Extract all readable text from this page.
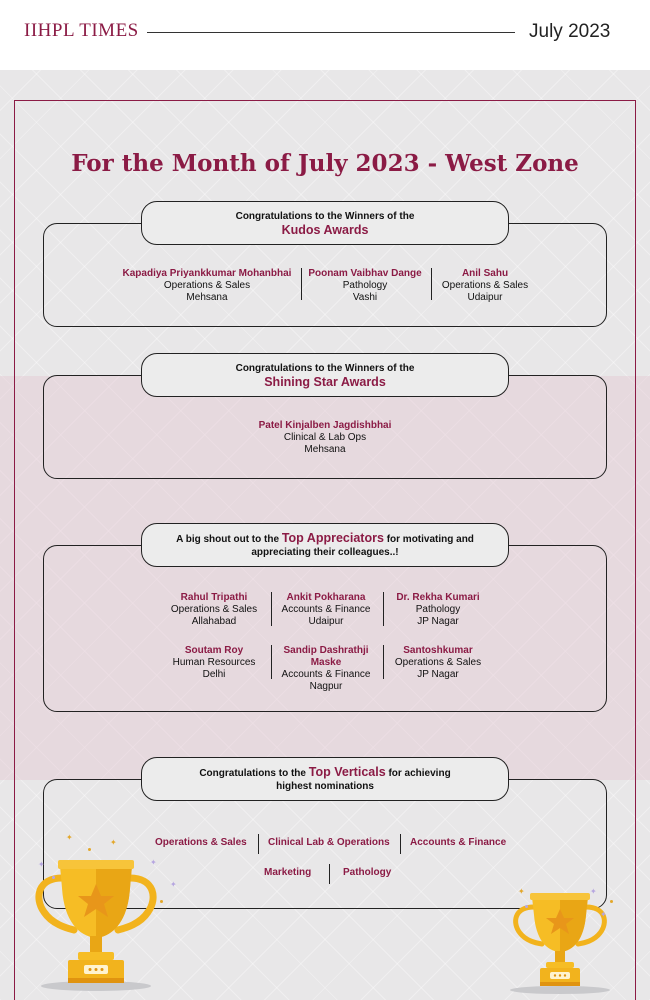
IIHPL TIMES	July 2023
For the Month of July 2023 - West Zone
Congratulations to the Winners of the
Kudos Awards
Kapadiya Priyankkumar Mohanbhai
Operations & Sales
Mehsana
Poonam Vaibhav Dange
Pathology
Vashi
Anil Sahu
Operations & Sales
Udaipur
Congratulations to the Winners of the
Shining Star Awards
Patel Kinjalben Jagdishbhai
Clinical & Lab Ops
Mehsana
A big shout out to the Top Appreciators for motivating and
appreciating their colleagues..!
Rahul Tripathi
Operations & Sales
Allahabad
Ankit Pokharana
Accounts & Finance
Udaipur
Dr. Rekha Kumari
Pathology
JP Nagar
Soutam Roy
Human Resources
Delhi
Sandip Dashrathji
Maske
Accounts & Finance
Nagpur
Santoshkumar
Operations & Sales
JP Nagar
Congratulations to the Top Verticals for achieving
highest nominations
Operations & Sales Clinical Lab & Operations Accounts & Finance
Marketing	Pathology
✦
✦
✦
✦
✦
✦	✦
✦
